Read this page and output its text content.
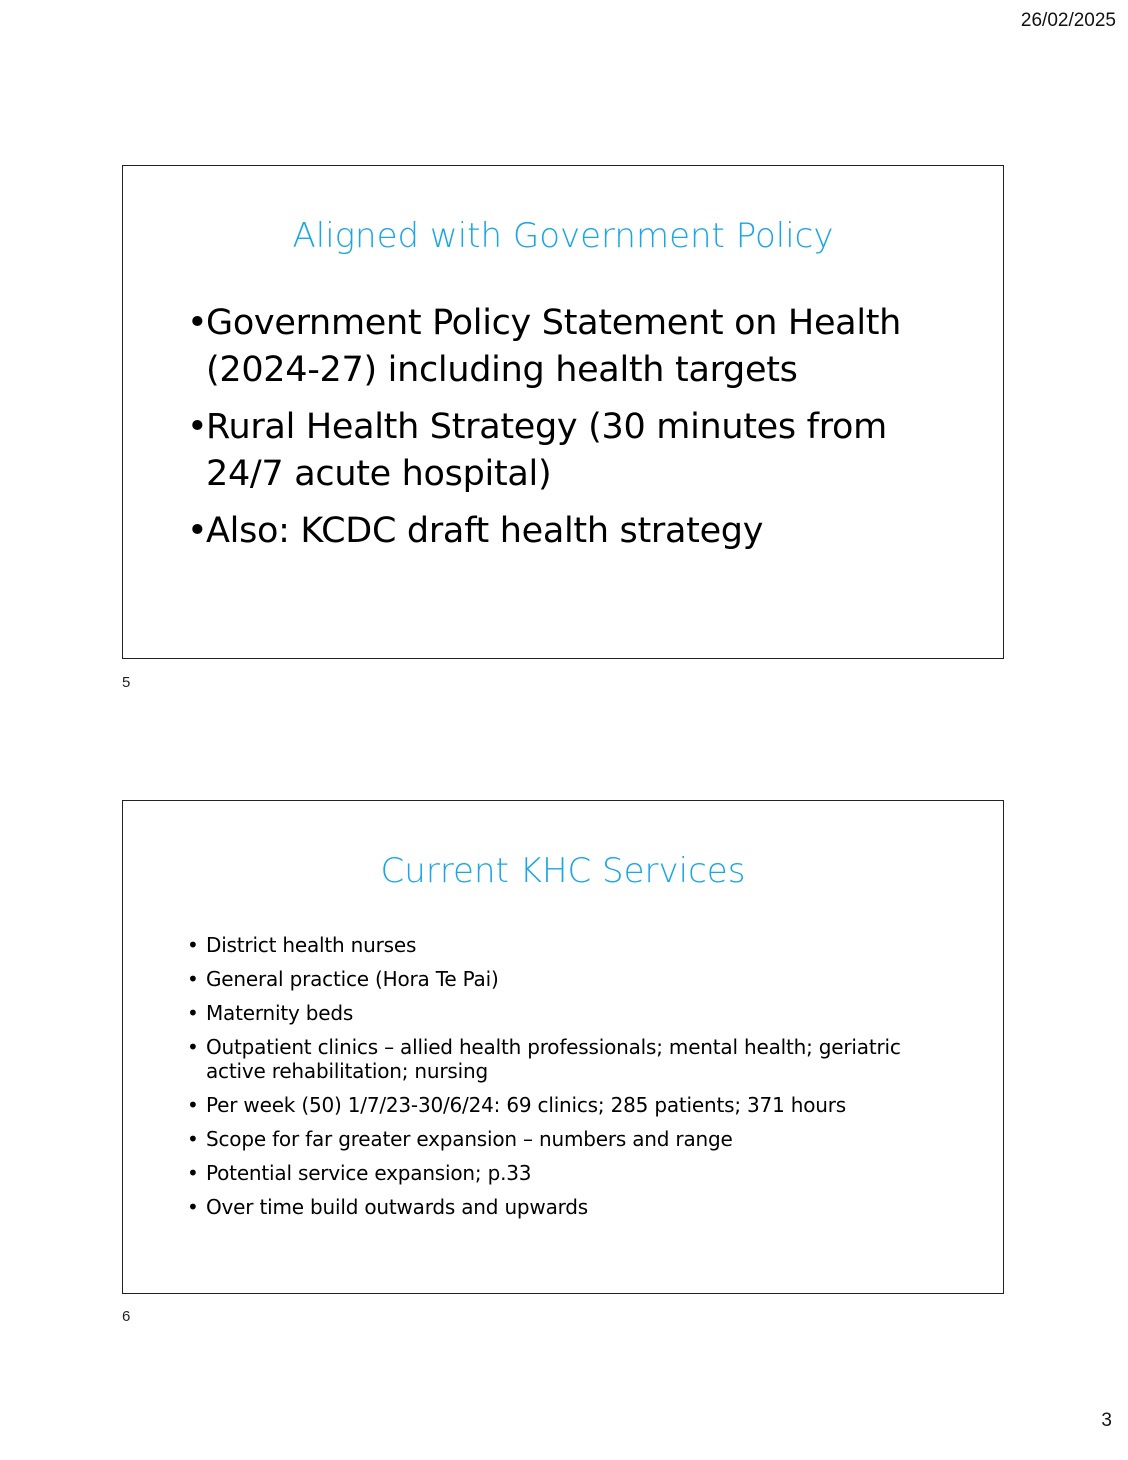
26/02/2025
Aligned with Government Policy
• Government Policy Statement on Health (2024-27) including health targets
• Rural Health Strategy (30 minutes from 24/7 acute hospital)
• Also: KCDC draft health strategy
5
Current KHC Services
• District health nurses
• General practice (Hora Te Pai)
• Maternity beds
• Outpatient clinics – allied health professionals; mental health; geriatric active rehabilitation; nursing
• Per week (50) 1/7/23-30/6/24: 69 clinics; 285 patients; 371 hours
• Scope for far greater expansion – numbers and range
• Potential service expansion; p.33
• Over time build outwards and upwards
6
3
